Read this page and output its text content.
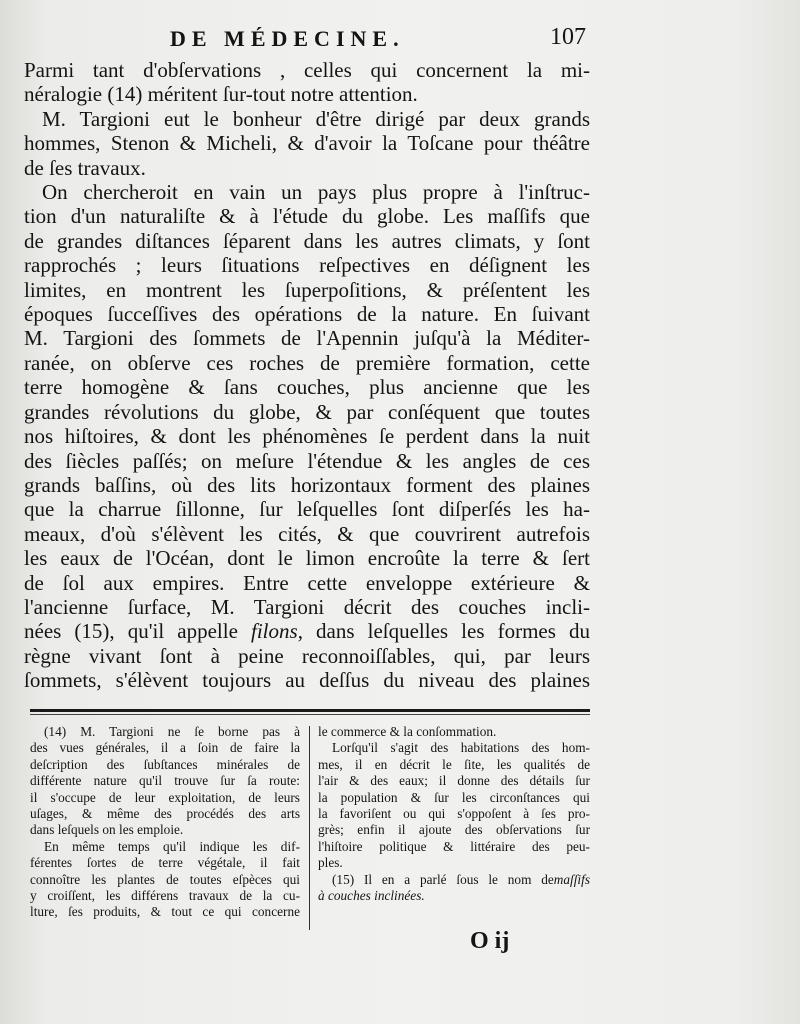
DE MÉDECINE.	107
Parmi tant d'obſervations , celles qui concernent la mi-
néralogie (14) méritent ſur-tout notre attention.
M. Targioni eut le bonheur d'être dirigé par deux grands
hommes, Stenon & Micheli, & d'avoir la Toſcane pour théâtre
de ſes travaux.
On chercheroit en vain un pays plus propre à l'inſtruc-
tion d'un naturaliſte & à l'étude du globe. Les maſſifs que
de grandes diſtances ſéparent dans les autres climats, y ſont
rapprochés ; leurs ſituations reſpectives en déſignent les
limites, en montrent les ſuperpoſitions, & préſentent les
époques ſucceſſives des opérations de la nature. En ſuivant
M. Targioni des ſommets de l'Apennin juſqu'à la Méditer-
ranée, on obſerve ces roches de première formation, cette
terre homogène & ſans couches, plus ancienne que les
grandes révolutions du globe, & par conſéquent que toutes
nos hiſtoires, & dont les phénomènes ſe perdent dans la nuit
des ſiècles paſſés; on meſure l'étendue & les angles de ces
grands baſſins, où des lits horizontaux forment des plaines
que la charrue ſillonne, ſur leſquelles ſont diſperſés les ha-
meaux, d'où s'élèvent les cités, & que couvrirent autrefois
les eaux de l'Océan, dont le limon encroûte la terre & ſert
de ſol aux empires. Entre cette enveloppe extérieure &
l'ancienne ſurface, M. Targioni décrit des couches incli-
nées (15), qu'il appelle filons, dans leſquelles les formes du
règne vivant ſont à peine reconnoiſſables, qui, par leurs
ſommets, s'élèvent toujours au deſſus du niveau des plaines
(14) M. Targioni ne ſe borne pas à
des vues générales, il a ſoin de faire la
deſcription des ſubſtances minérales de
différente nature qu'il trouve ſur ſa route:
il s'occupe de leur exploitation, de leurs
uſages, & même des procédés des arts
dans leſquels on les emploie.
En même temps qu'il indique les dif-
férentes ſortes de terre végétale, il fait
connoître les plantes de toutes eſpèces qui
y croiſſent, les différens travaux de la cu-
lture, ſes produits, & tout ce qui concerne
le commerce & la conſommation.
Lorſqu'il s'agit des habitations des hom-
mes, il en décrit le ſite, les qualités de
l'air & des eaux; il donne des détails ſur
la population & ſur les circonſtances qui
la favoriſent ou qui s'oppoſent à ſes pro-
grès; enfin il ajoute des obſervations ſur
l'hiſtoire politique & littéraire des peu-
ples.
(15) Il en a parlé ſous le nom demaſſifs
à couches inclinées.
O ij
